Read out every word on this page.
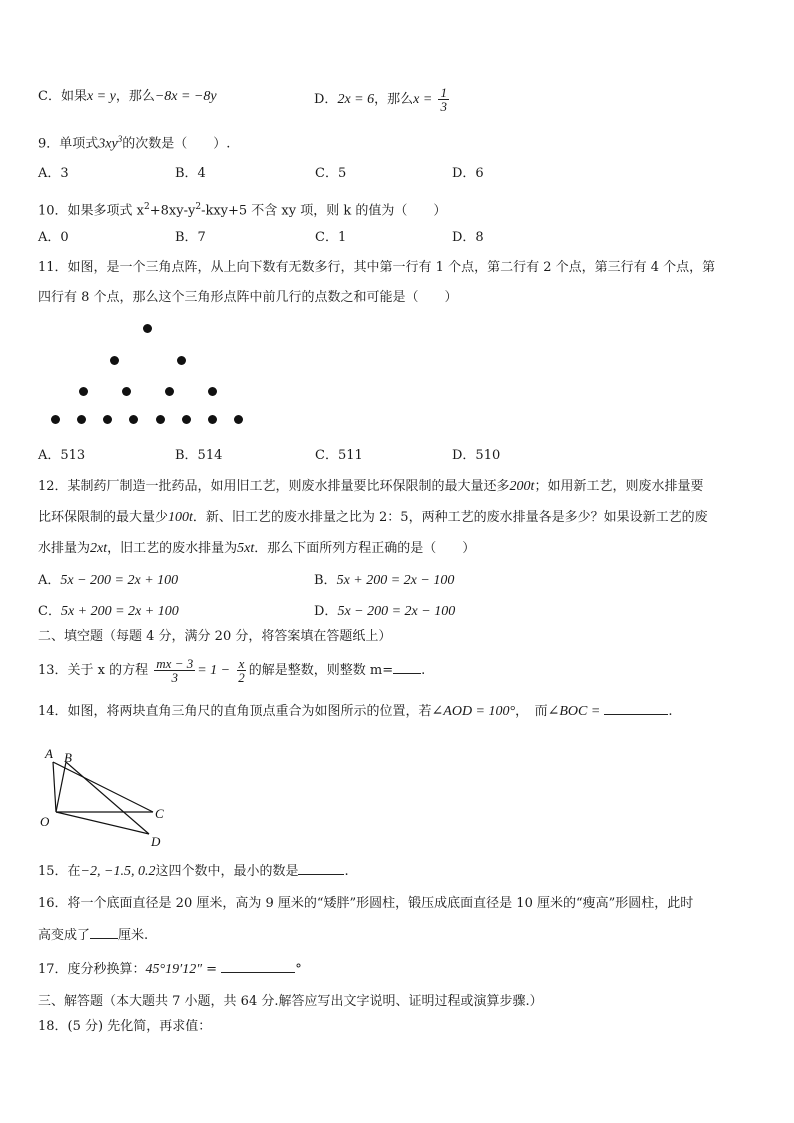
C．如果x = y，那么−8x = −8y	D．2x = 6，那么$x = \frac{1}{3}$
9．单项式$3xy^3$的次数是（　　）.
A．3	B．4	C．5	D．6
10．如果多项式 $x^2+8xy-y^2-kxy+5$ 不含 xy 项，则 k 的值为（　　）
A．0	B．7	C．1	D．8
11．如图，是一个三角点阵，从上向下数有无数多行，其中第一行有 1 个点，第二行有 2 个点，第三行有 4 个点，第
四行有 8 个点，那么这个三角形点阵中前几行的点数之和可能是（　　）
A．513	B．514	C．511	D．510
12．某制药厂制造一批药品，如用旧工艺，则废水排量要比环保限制的最大量还多200t；如用新工艺，则废水排量要
比环保限制的最大量少100t．新、旧工艺的废水排量之比为 2：5，两种工艺的废水排量各是多少？如果设新工艺的废
水排量为2xt，旧工艺的废水排量为5xt．那么下面所列方程正确的是（　　）
A．5x − 200 = 2x + 100	B．5x + 200 = 2x − 100
C．5x + 200 = 2x + 100	D．5x − 200 = 2x − 100
二、填空题（每题 4 分，满分 20 分，将答案填在答题纸上）
13．关于 x 的方程 $\frac{mx - 3}{3} = 1 - \frac{x}{2}$ 的解是整数，则整数 m= .
14．如图，将两块直角三角尺的直角顶点重合为如图所示的位置，若∠AOD = 100°，　而∠BOC =	.
A B
C
O
D
15．在−2, −1.5, 0.2这四个数中，最小的数是	.
16．将一个底面直径是 20 厘米，高为 9 厘米的“矮胖”形圆柱，锻压成底面直径是 10 厘米的“瘦高”形圆柱，此时
高变成了 厘米.
17．度分秒换算：45°19′12″ =	°
三、解答题（本大题共 7 小题，共 64 分.解答应写出文字说明、证明过程或演算步骤.）
18．(5 分) 先化简，再求值：
